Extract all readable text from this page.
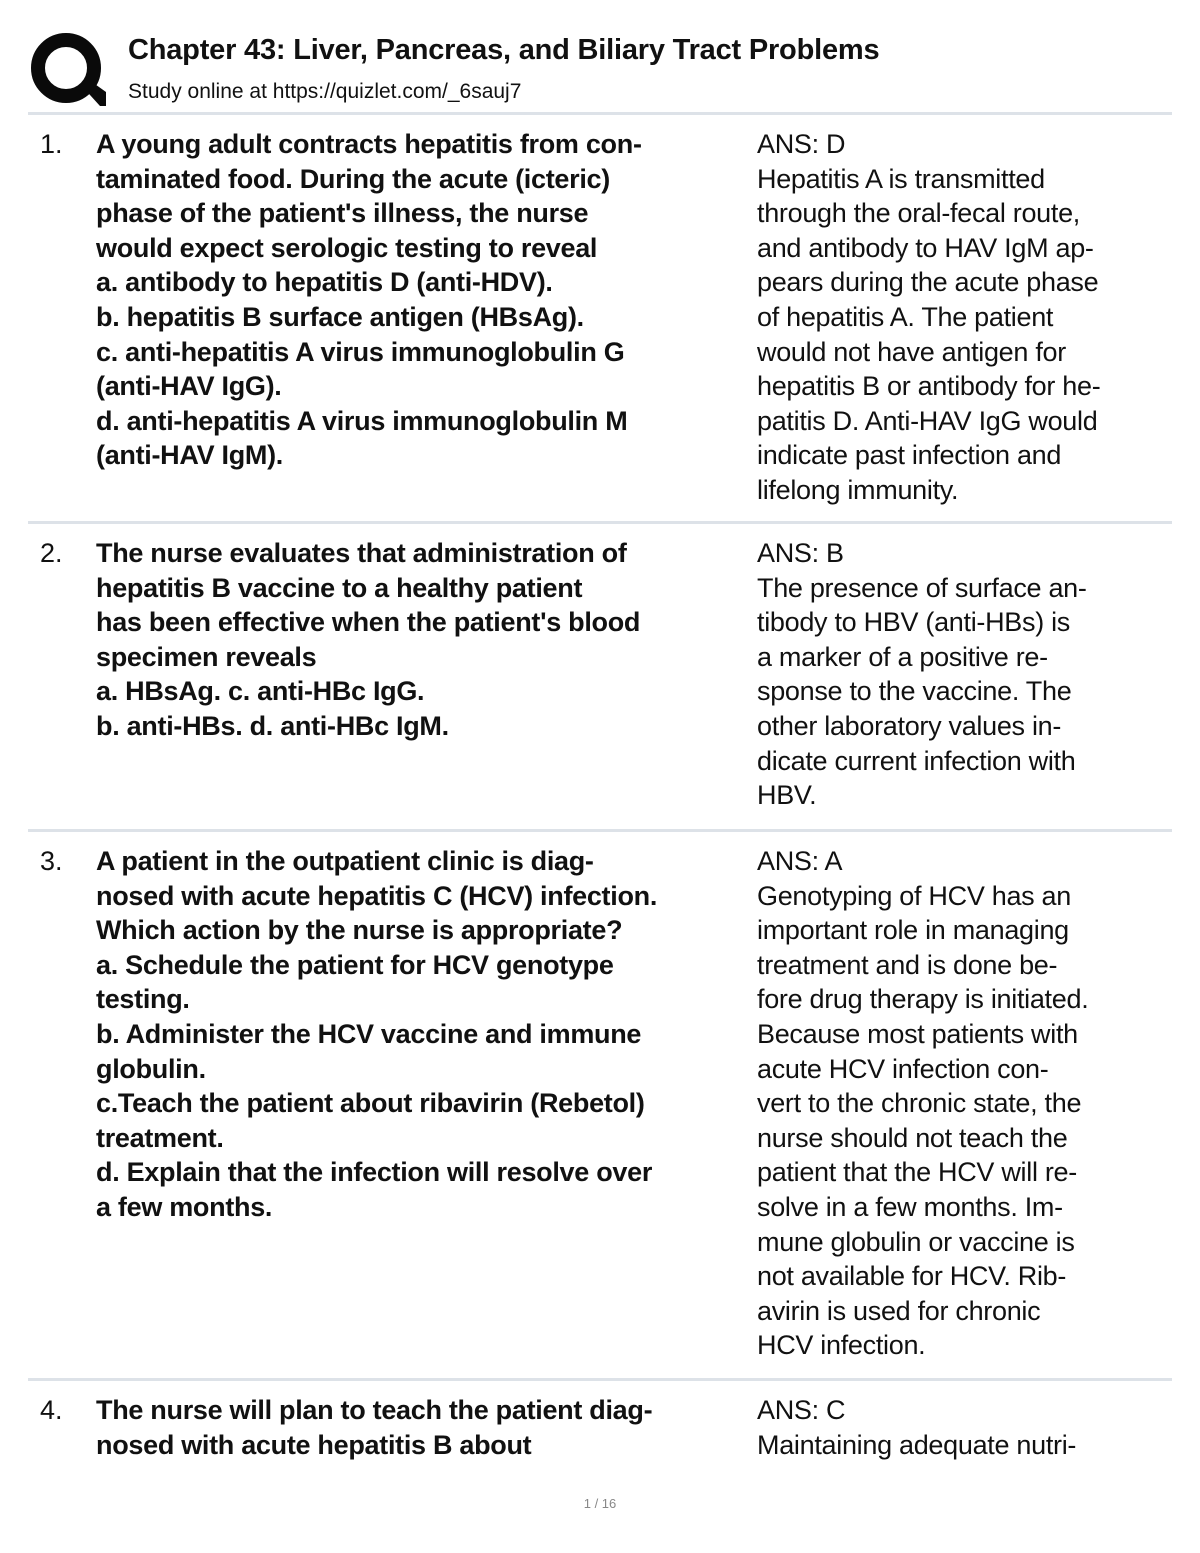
Chapter 43: Liver, Pancreas, and Biliary Tract Problems
Study online at https://quizlet.com/_6sauj7
1. A young adult contracts hepatitis from con-
taminated food. During the acute (icteric)
phase of the patient's illness, the nurse
would expect serologic testing to reveal
a. antibody to hepatitis D (anti-HDV).
b. hepatitis B surface antigen (HBsAg).
c. anti-hepatitis A virus immunoglobulin G
(anti-HAV IgG).
d. anti-hepatitis A virus immunoglobulin M
(anti-HAV IgM).
ANS: D
Hepatitis A is transmitted
through the oral-fecal route,
and antibody to HAV IgM ap-
pears during the acute phase
of hepatitis A. The patient
would not have antigen for
hepatitis B or antibody for he-
patitis D. Anti-HAV IgG would
indicate past infection and
lifelong immunity.
2. The nurse evaluates that administration of
hepatitis B vaccine to a healthy patient
has been effective when the patient's blood
specimen reveals
a. HBsAg. c. anti-HBc IgG.
b. anti-HBs. d. anti-HBc IgM.
ANS: B
The presence of surface an-
tibody to HBV (anti-HBs) is
a marker of a positive re-
sponse to the vaccine. The
other laboratory values in-
dicate current infection with
HBV.
3. A patient in the outpatient clinic is diag-
nosed with acute hepatitis C (HCV) infection.
Which action by the nurse is appropriate?
a. Schedule the patient for HCV genotype
testing.
b. Administer the HCV vaccine and immune
globulin.
c.Teach the patient about ribavirin (Rebetol)
treatment.
d. Explain that the infection will resolve over
a few months.
ANS: A
Genotyping of HCV has an
important role in managing
treatment and is done be-
fore drug therapy is initiated.
Because most patients with
acute HCV infection con-
vert to the chronic state, the
nurse should not teach the
patient that the HCV will re-
solve in a few months. Im-
mune globulin or vaccine is
not available for HCV. Rib-
avirin is used for chronic
HCV infection.
4. The nurse will plan to teach the patient diag-
nosed with acute hepatitis B about
ANS: C
Maintaining adequate nutri-
1 / 16
